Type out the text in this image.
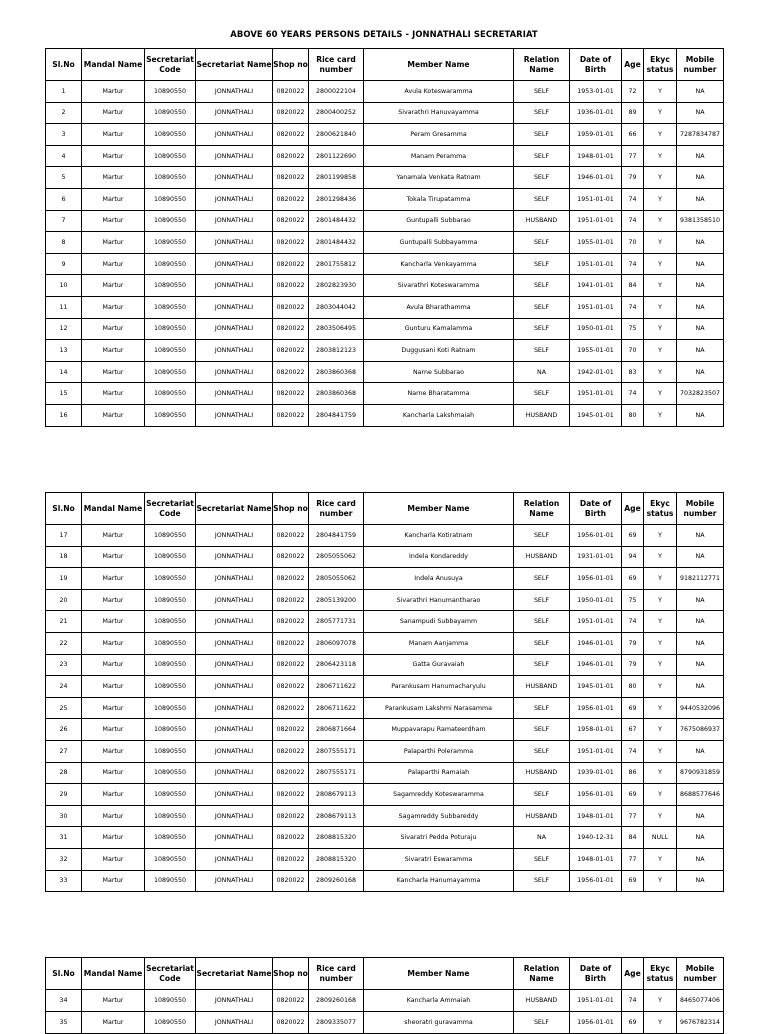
ABOVE 60 YEARS PERSONS DETAILS - JONNATHALI SECRETARIAT
Sl.No	Mandal Name	Secretariat Code	Secretariat Name	Shop no	Rice card number	Member Name	Relation Name	Date of Birth	Age	Ekyc status	Mobile number
1	Martur	10890550	JONNATHALI	0820022	2800022104	Avula Koteswaramma	SELF	1953-01-01	72	Y	NA
2	Martur	10890550	JONNATHALI	0820022	2800400252	Sivarathri Hanuvayamma	SELF	1936-01-01	89	Y	NA
3	Martur	10890550	JONNATHALI	0820022	2800621840	Peram Gresamma	SELF	1959-01-01	66	Y	7287834787
4	Martur	10890550	JONNATHALI	0820022	2801122690	Manam Peramma	SELF	1948-01-01	77	Y	NA
5	Martur	10890550	JONNATHALI	0820022	2801199858	Yanamala Venkata Ratnam	SELF	1946-01-01	79	Y	NA
6	Martur	10890550	JONNATHALI	0820022	2801298436	Tokala Tirupatamma	SELF	1951-01-01	74	Y	NA
7	Martur	10890550	JONNATHALI	0820022	2801484432	Guntupalli Subbarao	HUSBAND	1951-01-01	74	Y	9381358510
8	Martur	10890550	JONNATHALI	0820022	2801484432	Guntupalli Subbayamma	SELF	1955-01-01	70	Y	NA
9	Martur	10890550	JONNATHALI	0820022	2801755812	Kancharla Venkayamma	SELF	1951-01-01	74	Y	NA
10	Martur	10890550	JONNATHALI	0820022	2802823930	Sivarathri Koteswaramma	SELF	1941-01-01	84	Y	NA
11	Martur	10890550	JONNATHALI	0820022	2803044042	Avula Bharathamma	SELF	1951-01-01	74	Y	NA
12	Martur	10890550	JONNATHALI	0820022	2803506495	Gunturu Kamalamma	SELF	1950-01-01	75	Y	NA
13	Martur	10890550	JONNATHALI	0820022	2803812123	Duggusani Koti Ratnam	SELF	1955-01-01	70	Y	NA
14	Martur	10890550	JONNATHALI	0820022	2803860368	Narne Subbarao	NA	1942-01-01	83	Y	NA
15	Martur	10890550	JONNATHALI	0820022	2803860368	Narne Bharatamma	SELF	1951-01-01	74	Y	7032823507
16	Martur	10890550	JONNATHALI	0820022	2804841759	Kancharla Lakshmaiah	HUSBAND	1945-01-01	80	Y	NA
Sl.No	Mandal Name	Secretariat Code	Secretariat Name	Shop no	Rice card number	Member Name	Relation Name	Date of Birth	Age	Ekyc status	Mobile number
17	Martur	10890550	JONNATHALI	0820022	2804841759	Kancharla Kotiratnam	SELF	1956-01-01	69	Y	NA
18	Martur	10890550	JONNATHALI	0820022	2805055062	Indela Kondareddy	HUSBAND	1931-01-01	94	Y	NA
19	Martur	10890550	JONNATHALI	0820022	2805055062	Indela Anusuya	SELF	1956-01-01	69	Y	9182112771
20	Martur	10890550	JONNATHALI	0820022	2805139200	Sivarathri Hanumantharao	SELF	1950-01-01	75	Y	NA
21	Martur	10890550	JONNATHALI	0820022	2805771731	Sanampudi Subbayamm	SELF	1951-01-01	74	Y	NA
22	Martur	10890550	JONNATHALI	0820022	2806097078	Manam Aanjamma	SELF	1946-01-01	79	Y	NA
23	Martur	10890550	JONNATHALI	0820022	2806423118	Gatta Guravaiah	SELF	1946-01-01	79	Y	NA
24	Martur	10890550	JONNATHALI	0820022	2806711622	Parankusam Hanumacharyulu	HUSBAND	1945-01-01	80	Y	NA
25	Martur	10890550	JONNATHALI	0820022	2806711622	Parankusam Lakshmi Narasamma	SELF	1956-01-01	69	Y	9440532096
26	Martur	10890550	JONNATHALI	0820022	2806871664	Muppavarapu Ramateerdham	SELF	1958-01-01	67	Y	7675086937
27	Martur	10890550	JONNATHALI	0820022	2807555171	Palaparthi Poleramma	SELF	1951-01-01	74	Y	NA
28	Martur	10890550	JONNATHALI	0820022	2807555171	Palaparthi Ramaiah	HUSBAND	1939-01-01	86	Y	8790931859
29	Martur	10890550	JONNATHALI	0820022	2808679113	Sagamreddy Koteswaramma	SELF	1956-01-01	69	Y	8688577646
30	Martur	10890550	JONNATHALI	0820022	2808679113	Sagamreddy Subbareddy	HUSBAND	1948-01-01	77	Y	NA
31	Martur	10890550	JONNATHALI	0820022	2808815320	Sivaratri Pedda Poturaju	NA	1940-12-31	84	NULL	NA
32	Martur	10890550	JONNATHALI	0820022	2808815320	Sivaratri Eswaramma	SELF	1948-01-01	77	Y	NA
33	Martur	10890550	JONNATHALI	0820022	2809260168	Kancharla Hanumayamma	SELF	1956-01-01	69	Y	NA
Sl.No	Mandal Name	Secretariat Code	Secretariat Name	Shop no	Rice card number	Member Name	Relation Name	Date of Birth	Age	Ekyc status	Mobile number
34	Martur	10890550	JONNATHALI	0820022	2809260168	Kancharla Ammaiah	HUSBAND	1951-01-01	74	Y	8465077406
35	Martur	10890550	JONNATHALI	0820022	2809335077	sheoratri guravamma	SELF	1956-01-01	69	Y	9676782314
